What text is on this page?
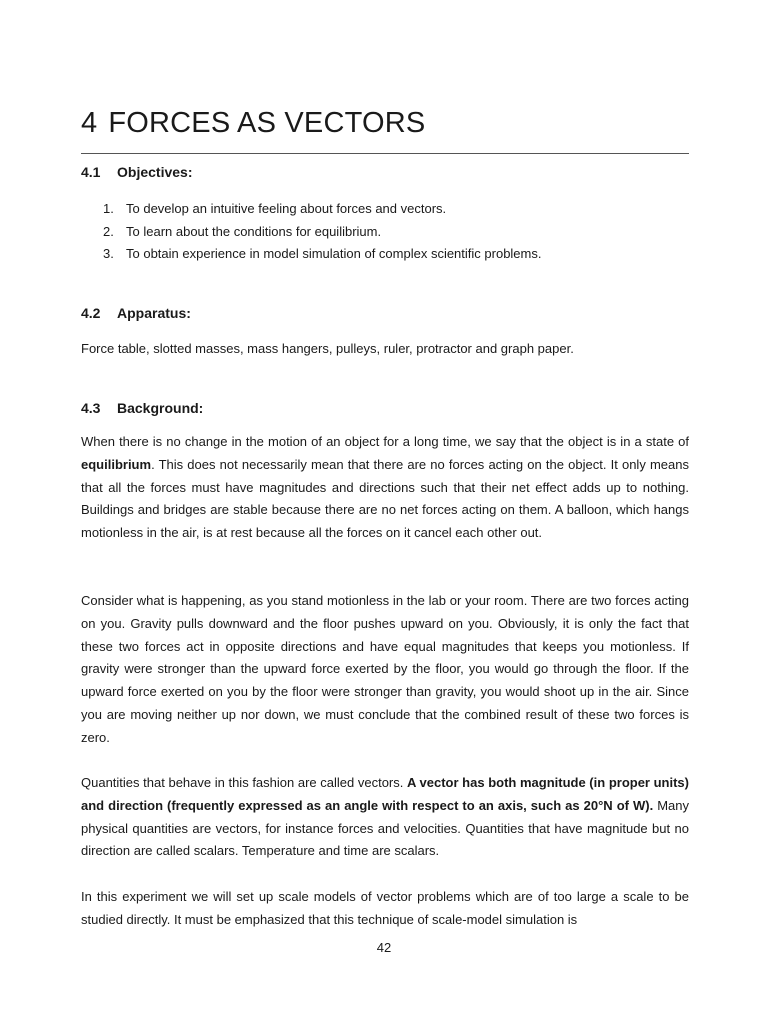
4 FORCES AS VECTORS
4.1 Objectives:
1. To develop an intuitive feeling about forces and vectors.
2. To learn about the conditions for equilibrium.
3. To obtain experience in model simulation of complex scientific problems.
4.2 Apparatus:

Force table, slotted masses, mass hangers, pulleys, ruler, protractor and graph paper.

4.3 Background:

When there is no change in the motion of an object for a long time, we say that the object is in a state of equilibrium. This does not necessarily mean that there are no forces acting on the object. It only means that all the forces must have magnitudes and directions such that their net effect adds up to nothing. Buildings and bridges are stable because there are no net forces acting on them. A balloon, which hangs motionless in the air, is at rest because all the forces on it cancel each other out.

Consider what is happening, as you stand motionless in the lab or your room. There are two forces acting on you. Gravity pulls downward and the floor pushes upward on you. Obviously, it is only the fact that these two forces act in opposite directions and have equal magnitudes that keeps you motionless. If gravity were stronger than the upward force exerted by the floor, you would go through the floor. If the upward force exerted on you by the floor were stronger than gravity, you would shoot up in the air. Since you are moving neither up nor down, we must conclude that the combined result of these two forces is zero.

Quantities that behave in this fashion are called vectors. A vector has both magnitude (in proper units) and direction (frequently expressed as an angle with respect to an axis, such as 20°N of W). Many physical quantities are vectors, for instance forces and velocities. Quantities that have magnitude but no direction are called scalars. Temperature and time are scalars.

In this experiment we will set up scale models of vector problems which are of too large a scale to be studied directly. It must be emphasized that this technique of scale-model simulation is

42
